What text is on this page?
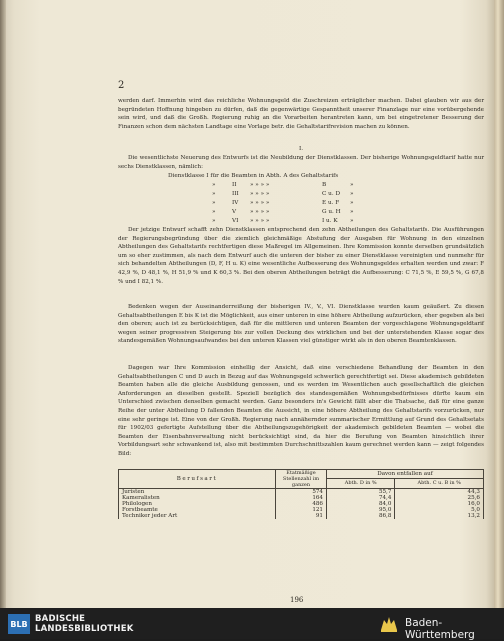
2

werden darf. Immerhin wird das reichliche Wohnungsgeld die Zuschreizen erträglicher machen. Dabei glauben wir aus der begründeten Hoffnung hingeben zu dürfen, daß die gegenwärtige Gespanntheit unserer Finanzlage nur eine vorübergehende sein wird, und daß die Großh. Regierung ruhig an die Vorarbeiten herantreten kann, um bei eingetretener Besserung der Finanzen schon dem nächsten Landtage eine Vorlage betr. die Gehaltstarifrevision machen zu können.

I.

Die wesentlichste Neuerung des Entwurfs ist die Neubildung der Dienstklassen. Der bisherige Wohnungsgeldtarif hatte nur sechs Dienstklassen, nämlich:

Dienstklasse I für die Beamten in Abth. A des Gehaltstarifs
»	II » » » »	B	»
»	III » » » »	C u. D »
»	IV » » » »	E u. F »
»	V » » » »	G u. H »
»	VI » » » »	I u. K »

Der jetzige Entwurf schafft zehn Dienstklassen entsprechend den zehn Abtheilungen des Gehaltstarifs. Die Ausführungen der Regierungsbegründung über die ziemlich gleichmäßige Abstufung der Ausgaben für Wohnung in den einzelnen Abtheilungen des Gehaltstarifs rechtfertigen diese Maßregel im Allgemeinen. Ihre Kommission konnte derselben grundsätzlich um so eher zustimmen, als nach dem Entwurf auch die unteren der bisher zu einer Dienstklasse vereinigten und nunmehr für sich behandelten Abtheilungen (D, F, H u. K) eine wesentliche Aufbesserung des Wohnungsgeldes erhalten werden und zwar: F 42,9 %, D 48,1 %, H 51,9 % und K 60,3 %. Bei den oberen Abtheilungen beträgt die Aufbesserung: C 71,5 %, E 59,5 %, G 67,8 % und I 82,1 %.

Bedenken wegen der Auseinanderreißung der bisherigen IV., V., VI. Dienstklasse wurden kaum geäußert. Zu diesen Gehaltsabtheilungen E bis K ist die Möglichkeit, aus einer unteren in eine höhere Abtheilung aufzurücken, eher gegeben als bei den oberen; auch ist zu berücksichtigen, daß für die mittleren und unteren Beamten der vorgeschlagene Wohnungsgeldtarif wegen seiner progressiven Steigerung bis zur vollen Deckung des wirklichen und bei der unterstehenden Klasse sogar des standesgemäßen Wohnungsaufwandes bei den unteren Klassen viel günstiger wirkt als in den oberen Beamtenklassen.

Dagegen war Ihre Kommission einhellig der Ansicht, daß eine verschiedene Behandlung der Beamten in den Gehaltsabtheilungen C und D auch in Bezug auf das Wohnungsgeld schwerlich gerechtfertigt sei. Diese akademisch gebildeten Beamten haben alle die gleiche Ausbildung genossen, und es werden im Wesentlichen auch gesellschaftlich die gleichen Anforderungen an dieselben gestellt. Speziell bezüglich des standesgemäßen Wohnungsbedürfnisses dürfte kaum ein Unterschied zwischen denselben gemacht werden. Ganz besonders in's Gewicht fällt aber die Thatsache, daß für eine ganze Reihe der unter Abtheilung D fallenden Beamten die Aussicht, in eine höhere Abtheilung des Gehaltstarifs vorzurücken, nur eine sehr geringe ist. Eine von der Großh. Regierung nach annähernder summarischer Ermittlung auf Grund des Gehaltsetats für 1902/03 gefertigte Aufstellung über die Abtheilungszugehörigkeit der akademisch gebildeten Beamten — wobei die Beamten der Eisenbahnverwaltung nicht berücksichtigt sind, da hier die Berufung von Beamten hinsichtlich ihrer Vorbildungsart sehr schwankend ist, also mit bestimmten Durchschnittszahlen kaum gerechnet werden kann — zeigt folgendes Bild:

Berufsart	Etatmäßige Stellenzahl im ganzen	Davon entfallen auf	
		Abth. D in %	Abth. C u. B in %
Juristen	574	55,7	44,3
Kameralisten	164	74,4	25,6
Philologen	486	84,0	16,0
Forstbeamte	121	95,0	5,0
Techniker jeder Art	91	86,8	13,2
196
BLB BADISCHE
LANDESBIBLIOTHEK	Baden-Württemberg
